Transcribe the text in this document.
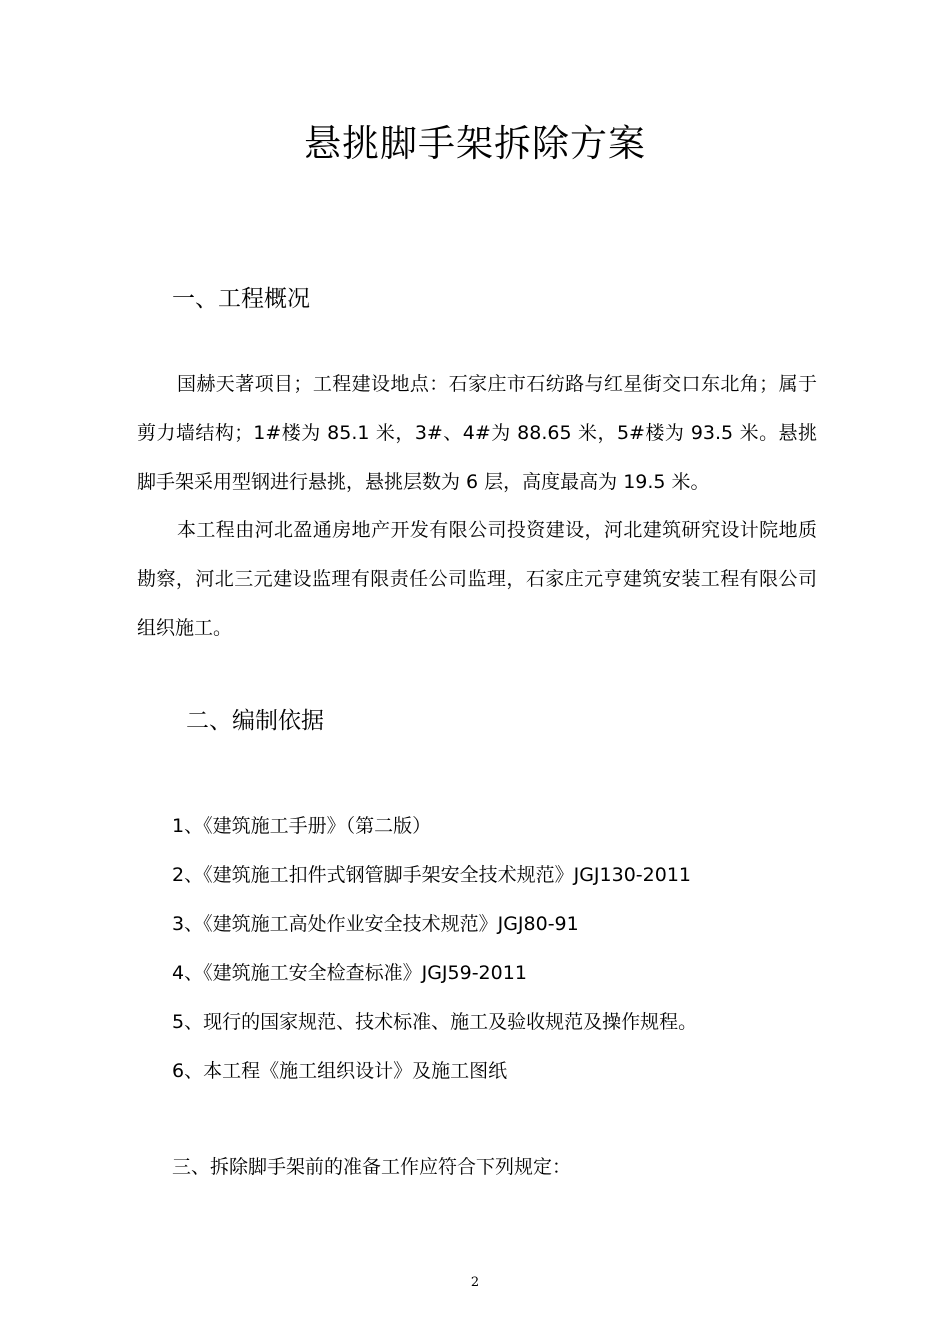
悬挑脚手架拆除方案
一、工程概况
国赫天著项目；工程建设地点：石家庄市石纺路与红星街交口东北角；属于剪力墙结构；1#楼为 85.1 米，3#、4#为 88.65 米，5#楼为 93.5 米。悬挑脚手架采用型钢进行悬挑，悬挑层数为 6 层，高度最高为 19.5 米。
本工程由河北盈通房地产开发有限公司投资建设，河北建筑研究设计院地质勘察，河北三元建设监理有限责任公司监理，石家庄元亨建筑安装工程有限公司组织施工。
二、编制依据
1、《建筑施工手册》（第二版）
2、《建筑施工扣件式钢管脚手架安全技术规范》JGJ130-2011
3、《建筑施工高处作业安全技术规范》JGJ80-91
4、《建筑施工安全检查标准》JGJ59-2011
5、现行的国家规范、技术标准、施工及验收规范及操作规程。
6、本工程《施工组织设计》及施工图纸
三、拆除脚手架前的准备工作应符合下列规定：
2
